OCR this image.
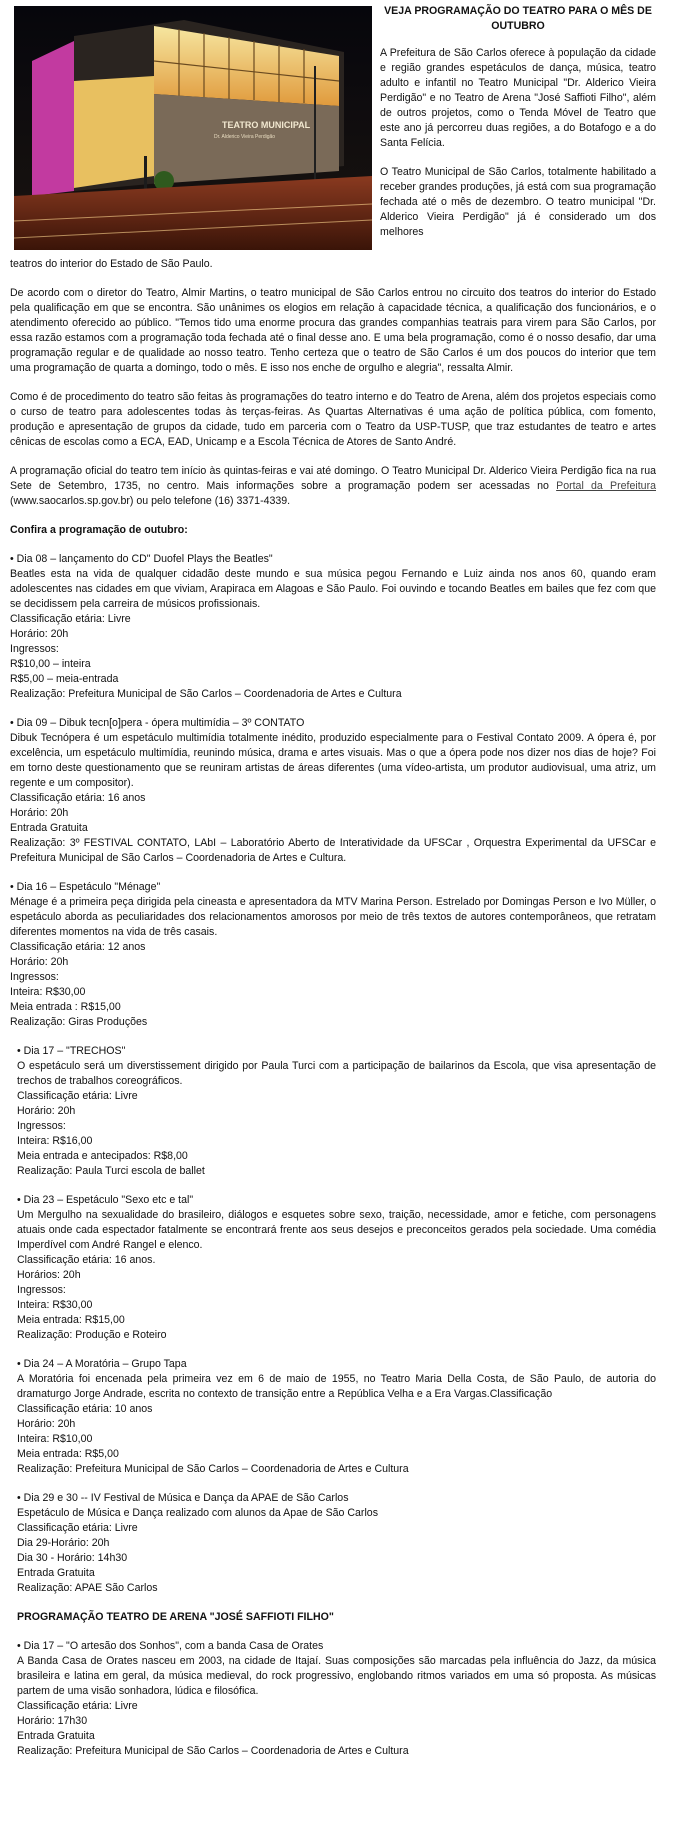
TEATRO MUNICIPAL
Dr. Alderico Vieira Perdigão
VEJA PROGRAMAÇÃO DO TEATRO PARA O MÊS DE OUTUBRO

A Prefeitura de São Carlos oferece à população da cidade e região grandes espetáculos de dança, música, teatro adulto e infantil no Teatro Municipal "Dr. Alderico Vieira Perdigão" e no Teatro de Arena "José Saffioti Filho", além de outros projetos, como o Tenda Móvel de Teatro que este ano já percorreu duas regiões, a do Botafogo e a do Santa Felícia.

O Teatro Municipal de São Carlos, totalmente habilitado a receber grandes produções, já está com sua programação fechada até o mês de dezembro. O teatro municipal "Dr. Alderico Vieira Perdigão" já é considerado um dos melhores

teatros do interior do Estado de São Paulo.

De acordo com o diretor do Teatro, Almir Martins, o teatro municipal de São Carlos entrou no circuito dos teatros do interior do Estado pela qualificação em que se encontra. São unânimes os elogios em relação à capacidade técnica, a qualificação dos funcionários, e o atendimento oferecido ao público. "Temos tido uma enorme procura das grandes companhias teatrais para virem para São Carlos, por essa razão estamos com a programação toda fechada até o final desse ano. E uma bela programação, como é o nosso desafio, dar uma programação regular e de qualidade ao nosso teatro. Tenho certeza que o teatro de São Carlos é um dos poucos do interior que tem uma programação de quarta a domingo, todo o mês. E isso nos enche de orgulho e alegria", ressalta Almir.

Como é de procedimento do teatro são feitas às programações do teatro interno e do Teatro de Arena, além dos projetos especiais como o curso de teatro para adolescentes todas às terças-feiras. As Quartas Alternativas é uma ação de política pública, com fomento, produção e apresentação de grupos da cidade, tudo em parceria com o Teatro da USP-TUSP, que traz estudantes de teatro e artes cênicas de escolas como a ECA, EAD, Unicamp e a Escola Técnica de Atores de Santo André.

A programação oficial do teatro tem início às quintas-feiras e vai até domingo. O Teatro Municipal Dr. Alderico Vieira Perdigão fica na rua Sete de Setembro, 1735, no centro. Mais informações sobre a programação podem ser acessadas no Portal da Prefeitura (www.saocarlos.sp.gov.br) ou pelo telefone (16) 3371-4339.

Confira a programação de outubro:
• Dia 08 – lançamento do CD" Duofel Plays the Beatles"
Beatles esta na vida de qualquer cidadão deste mundo e sua música pegou Fernando e Luiz ainda nos anos 60, quando eram adolescentes nas cidades em que viviam, Arapiraca em Alagoas e São Paulo. Foi ouvindo e tocando Beatles em bailes que fez com que se decidissem pela carreira de músicos profissionais.
Classificação etária: Livre
Horário: 20h
Ingressos:
R$10,00 – inteira
R$5,00 – meia-entrada
Realização: Prefeitura Municipal de São Carlos – Coordenadoria de Artes e Cultura
• Dia 09 – Dibuk tecn[o]pera - ópera multimídia – 3º CONTATO
Dibuk Tecnópera é um espetáculo multimídia totalmente inédito, produzido especialmente para o Festival Contato 2009. A ópera é, por excelência, um espetáculo multimídia, reunindo música, drama e artes visuais. Mas o que a ópera pode nos dizer nos dias de hoje? Foi em torno deste questionamento que se reuniram artistas de áreas diferentes (uma vídeo-artista, um produtor audiovisual, uma atriz, um regente e um compositor).
Classificação etária: 16 anos
Horário: 20h
Entrada Gratuita
Realização: 3º FESTIVAL CONTATO, LAbI – Laboratório Aberto de Interatividade da UFSCar , Orquestra Experimental da UFSCar e Prefeitura Municipal de São Carlos – Coordenadoria de Artes e Cultura.
• Dia 16 – Espetáculo "Ménage"
Ménage é a primeira peça dirigida pela cineasta e apresentadora da MTV Marina Person. Estrelado por Domingas Person e Ivo Müller, o espetáculo aborda as peculiaridades dos relacionamentos amorosos por meio de três textos de autores contemporâneos, que retratam diferentes momentos na vida de três casais.
Classificação etária: 12 anos
Horário: 20h
Ingressos:
Inteira: R$30,00
Meia entrada : R$15,00
Realização: Giras Produções
• Dia 17 – "TRECHOS"
O espetáculo será um diverstissement dirigido por Paula Turci com a participação de bailarinos da Escola, que visa apresentação de trechos de trabalhos coreográficos.
Classificação etária: Livre
Horário: 20h
Ingressos:
Inteira: R$16,00
Meia entrada e antecipados: R$8,00
Realização: Paula Turci escola de ballet
• Dia 23 – Espetáculo "Sexo etc e tal"
Um Mergulho na sexualidade do brasileiro, diálogos e esquetes sobre sexo, traição, necessidade, amor e fetiche, com personagens atuais onde cada espectador fatalmente se encontrará frente aos seus desejos e preconceitos gerados pela sociedade. Uma comédia Imperdível com André Rangel e elenco.
Classificação etária: 16 anos.
Horários: 20h
Ingressos:
Inteira: R$30,00
Meia entrada: R$15,00
Realização: Produção e Roteiro
• Dia 24 – A Moratória – Grupo Tapa
A Moratória foi encenada pela primeira vez em 6 de maio de 1955, no Teatro Maria Della Costa, de São Paulo, de autoria do dramaturgo Jorge Andrade, escrita no contexto de transição entre a República Velha e a Era Vargas.Classificação
Classificação etária: 10 anos
Horário: 20h
Inteira: R$10,00
Meia entrada: R$5,00
Realização: Prefeitura Municipal de São Carlos – Coordenadoria de Artes e Cultura
• Dia 29 e 30 -- IV Festival de Música e Dança da APAE de São Carlos
Espetáculo de Música e Dança realizado com alunos da Apae de São Carlos
Classificação etária: Livre
Dia 29-Horário: 20h
Dia 30 - Horário: 14h30
Entrada Gratuita
Realização: APAE São Carlos
PROGRAMAÇÃO TEATRO DE ARENA "JOSÉ SAFFIOTI FILHO"
• Dia 17 – "O artesão dos Sonhos", com a banda Casa de Orates
A Banda Casa de Orates nasceu em 2003, na cidade de Itajaí. Suas composições são marcadas pela influência do Jazz, da música brasileira e latina em geral, da música medieval, do rock progressivo, englobando ritmos variados em uma só proposta. As músicas partem de uma visão sonhadora, lúdica e filosófica.
Classificação etária: Livre
Horário: 17h30
Entrada Gratuita
Realização: Prefeitura Municipal de São Carlos – Coordenadoria de Artes e Cultura
